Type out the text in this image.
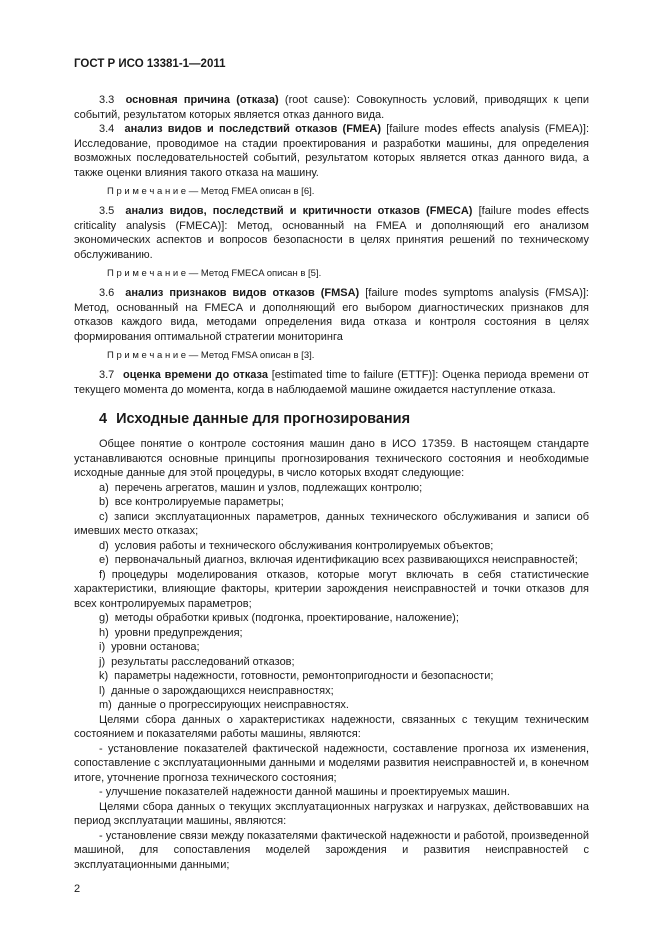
ГОСТ Р ИСО 13381-1—2011

3.3 основная причина (отказа) (root cause): Совокупность условий, приводящих к цепи событий, результатом которых является отказ данного вида.

3.4 анализ видов и последствий отказов (FMEA) [failure modes effects analysis (FMEA)]: Исследование, проводимое на стадии проектирования и разработки машины, для определения возможных последовательностей событий, результатом которых является отказ данного вида, а также оценки влияния такого отказа на машину.

П р и м е ч а н и е — Метод FMEA описан в [6].

3.5 анализ видов, последствий и критичности отказов (FMECA) [failure modes effects criticality analysis (FMECA)]: Метод, основанный на FMEA и дополняющий его анализом экономических аспектов и вопросов безопасности в целях принятия решений по техническому обслуживанию.

П р и м е ч а н и е — Метод FMECA описан в [5].

3.6 анализ признаков видов отказов (FMSA) [failure modes symptoms analysis (FMSA)]: Метод, основанный на FMECA и дополняющий его выбором диагностических признаков для отказов каждого вида, методами определения вида отказа и контроля состояния в целях формирования оптимальной стратегии мониторинга

П р и м е ч а н и е — Метод FMSA описан в [3].

3.7 оценка времени до отказа [estimated time to failure (ETTF)]: Оценка периода времени от текущего момента до момента, когда в наблюдаемой машине ожидается наступление отказа.

4 Исходные данные для прогнозирования

Общее понятие о контроле состояния машин дано в ИСО 17359. В настоящем стандарте устанавливаются основные принципы прогнозирования технического состояния и необходимые исходные данные для этой процедуры, в число которых входят следующие:

a) перечень агрегатов, машин и узлов, подлежащих контролю;

b) все контролируемые параметры;

c) записи эксплуатационных параметров, данных технического обслуживания и записи об имевших место отказах;

d) условия работы и технического обслуживания контролируемых объектов;

e) первоначальный диагноз, включая идентификацию всех развивающихся неисправностей;

f) процедуры моделирования отказов, которые могут включать в себя статистические характеристики, влияющие факторы, критерии зарождения неисправностей и точки отказов для всех контролируемых параметров;

g) методы обработки кривых (подгонка, проектирование, наложение);

h) уровни предупреждения;

i) уровни останова;

j) результаты расследований отказов;

k) параметры надежности, готовности, ремонтопригодности и безопасности;

l) данные о зарождающихся неисправностях;

m) данные о прогрессирующих неисправностях.

Целями сбора данных о характеристиках надежности, связанных с текущим техническим состоянием и показателями работы машины, являются:

- установление показателей фактической надежности, составление прогноза их изменения, сопоставление с эксплуатационными данными и моделями развития неисправностей и, в конечном итоге, уточнение прогноза технического состояния;

- улучшение показателей надежности данной машины и проектируемых машин.

Целями сбора данных о текущих эксплуатационных нагрузках и нагрузках, действовавших на период эксплуатации машины, являются:

- установление связи между показателями фактической надежности и работой, произведенной машиной, для сопоставления моделей зарождения и развития неисправностей с эксплуатационными данными;

2
